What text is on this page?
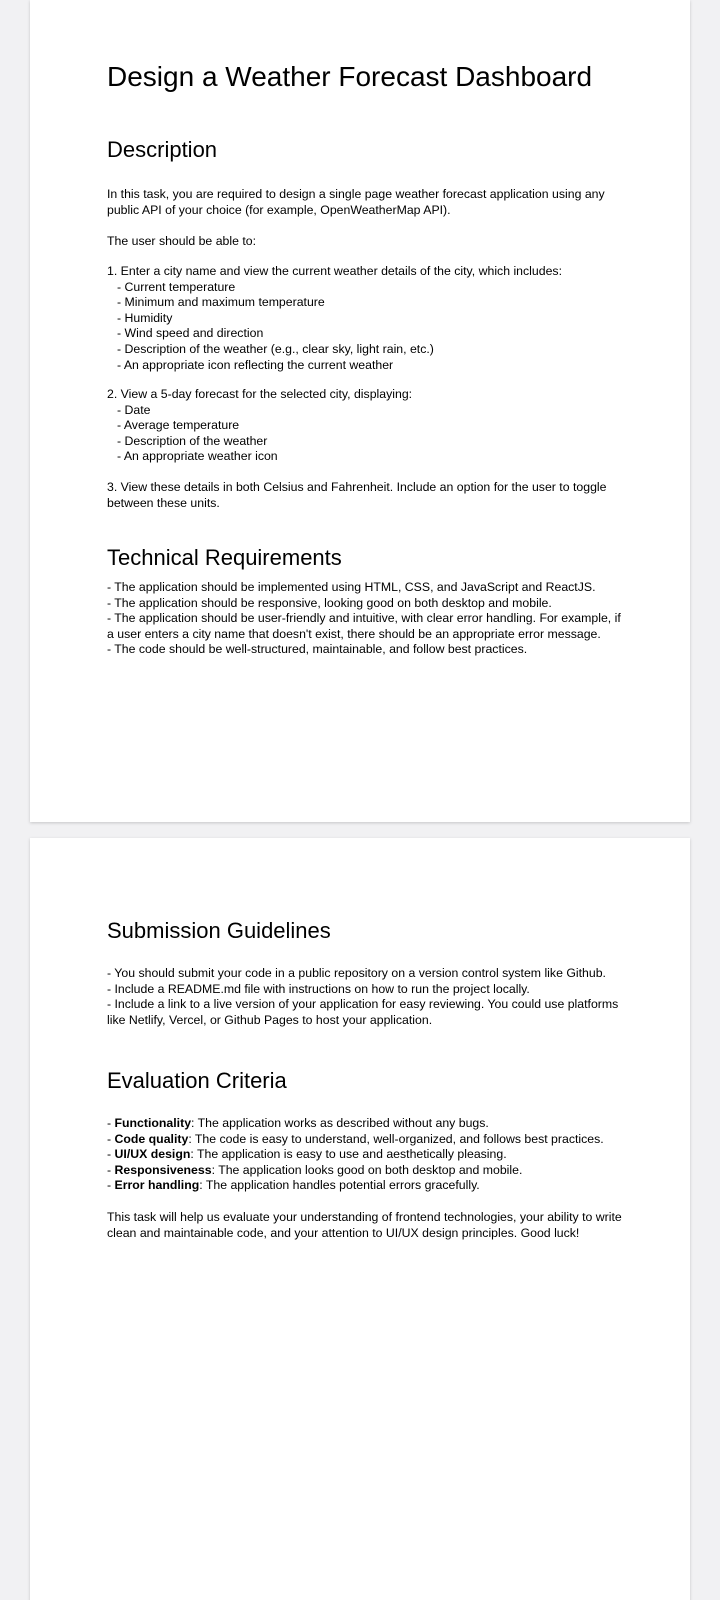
Design a Weather Forecast Dashboard
Description
In this task, you are required to design a single page weather forecast application using any
public API of your choice (for example, OpenWeatherMap API).
The user should be able to:
1. Enter a city name and view the current weather details of the city, which includes:
- Current temperature
- Minimum and maximum temperature
- Humidity
- Wind speed and direction
- Description of the weather (e.g., clear sky, light rain, etc.)
- An appropriate icon reflecting the current weather
2. View a 5-day forecast for the selected city, displaying:
- Date
- Average temperature
- Description of the weather
- An appropriate weather icon
3. View these details in both Celsius and Fahrenheit. Include an option for the user to toggle
between these units.
Technical Requirements
- The application should be implemented using HTML, CSS, and JavaScript and ReactJS.
- The application should be responsive, looking good on both desktop and mobile.
- The application should be user-friendly and intuitive, with clear error handling. For example, if
a user enters a city name that doesn't exist, there should be an appropriate error message.
- The code should be well-structured, maintainable, and follow best practices.
Submission Guidelines
- You should submit your code in a public repository on a version control system like Github.
- Include a README.md file with instructions on how to run the project locally.
- Include a link to a live version of your application for easy reviewing. You could use platforms
like Netlify, Vercel, or Github Pages to host your application.
Evaluation Criteria
- Functionality: The application works as described without any bugs.
- Code quality: The code is easy to understand, well-organized, and follows best practices.
- UI/UX design: The application is easy to use and aesthetically pleasing.
- Responsiveness: The application looks good on both desktop and mobile.
- Error handling: The application handles potential errors gracefully.
This task will help us evaluate your understanding of frontend technologies, your ability to write
clean and maintainable code, and your attention to UI/UX design principles. Good luck!
